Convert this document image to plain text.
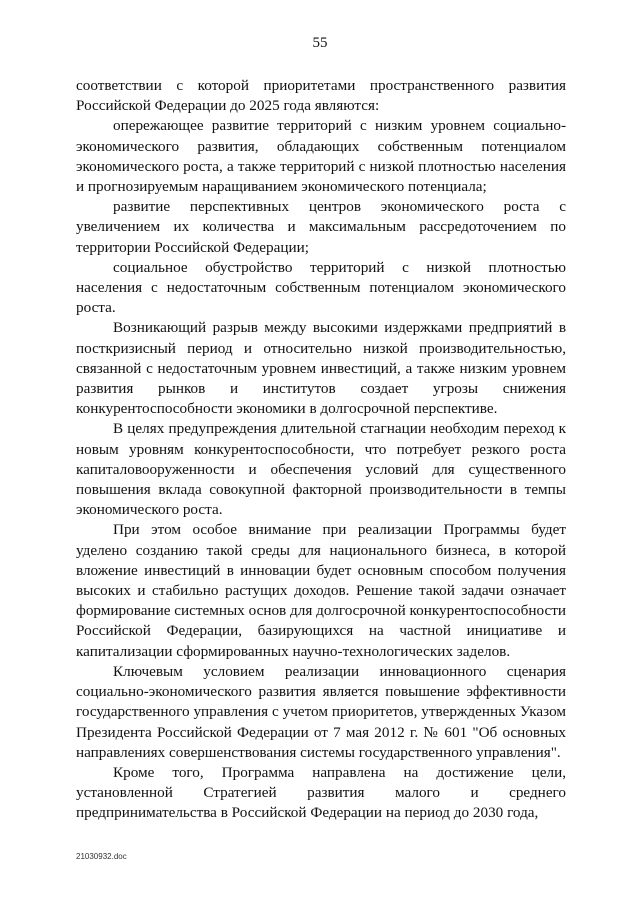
55

соответствии с которой приоритетами пространственного развития Российской Федерации до 2025 года являются:

опережающее развитие территорий с низким уровнем социально-экономического развития, обладающих собственным потенциалом экономического роста, а также территорий с низкой плотностью населения и прогнозируемым наращиванием экономического потенциала;

развитие перспективных центров экономического роста с увеличением их количества и максимальным рассредоточением по территории Российской Федерации;

социальное обустройство территорий с низкой плотностью населения с недостаточным собственным потенциалом экономического роста.

Возникающий разрыв между высокими издержками предприятий в посткризисный период и относительно низкой производительностью, связанной с недостаточным уровнем инвестиций, а также низким уровнем развития рынков и институтов создает угрозы снижения конкурентоспособности экономики в долгосрочной перспективе.

В целях предупреждения длительной стагнации необходим переход к новым уровням конкурентоспособности, что потребует резкого роста капиталовооруженности и обеспечения условий для существенного повышения вклада совокупной факторной производительности в темпы экономического роста.

При этом особое внимание при реализации Программы будет уделено созданию такой среды для национального бизнеса, в которой вложение инвестиций в инновации будет основным способом получения высоких и стабильно растущих доходов. Решение такой задачи означает формирование системных основ для долгосрочной конкурентоспособности Российской Федерации, базирующихся на частной инициативе и капитализации сформированных научно-технологических заделов.

Ключевым условием реализации инновационного сценария социально-экономического развития является повышение эффективности государственного управления с учетом приоритетов, утвержденных Указом Президента Российской Федерации от 7 мая 2012 г. № 601 "Об основных направлениях совершенствования системы государственного управления".

Кроме того, Программа направлена на достижение цели, установленной Стратегией развития малого и среднего предпринимательства в Российской Федерации на период до 2030 года,

21030932.doc
